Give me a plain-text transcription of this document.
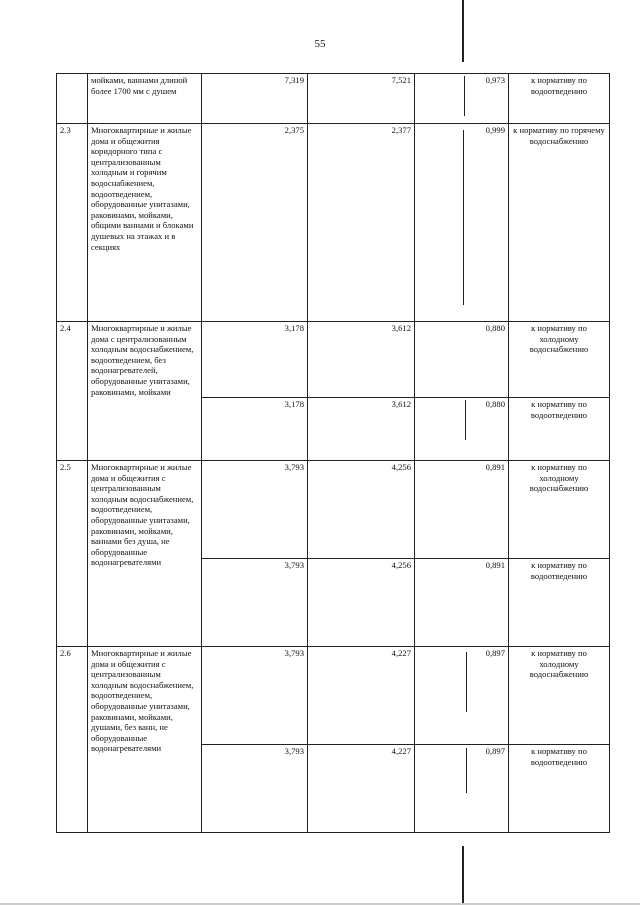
55
	мойками, ваннами длиной более 1700 мм с душем	7,319	7,521	0,973	к нормативу по водоотведению
2.3	Многоквартирные и жилые дома и общежития коридорного типа с централизованным холодным и горячим водоснабжением, водоотведением, оборудованные унитазами, раковинами, мойками, общими ваннами и блоками душевых на этажах и в секциях	2,375	2,377	0,999	к нормативу по горячему водоснабжению
2.4	Многоквартирные и жилые дома с централизованным холодным водоснабжением, водоотведением, без водонагревателей, оборудованные унитазами, раковинами, мойками	3,178	3,612	0,880	к нормативу по холодному водоснабжению
		3,178	3,612	0,880	к нормативу по водоотведению
2.5	Многоквартирные и жилые дома и общежития с централизованным холодным водоснабжением, водоотведением, оборудованные унитазами, раковинами, мойками, ваннами без душа, не оборудованные водонагревателями	3,793	4,256	0,891	к нормативу по холодному водоснабжению
		3,793	4,256	0,891	к нормативу по водоотведению
2.6	Многоквартирные и жилые дома и общежития с централизованным холодным водоснабжением, водоотведением, оборудованные унитазами, раковинами, мойками, душами, без ванн, не оборудованные водонагревателями	3,793	4,227	0,897	к нормативу по холодному водоснабжению
		3,793	4,227	0,897	к нормативу по водоотведению
